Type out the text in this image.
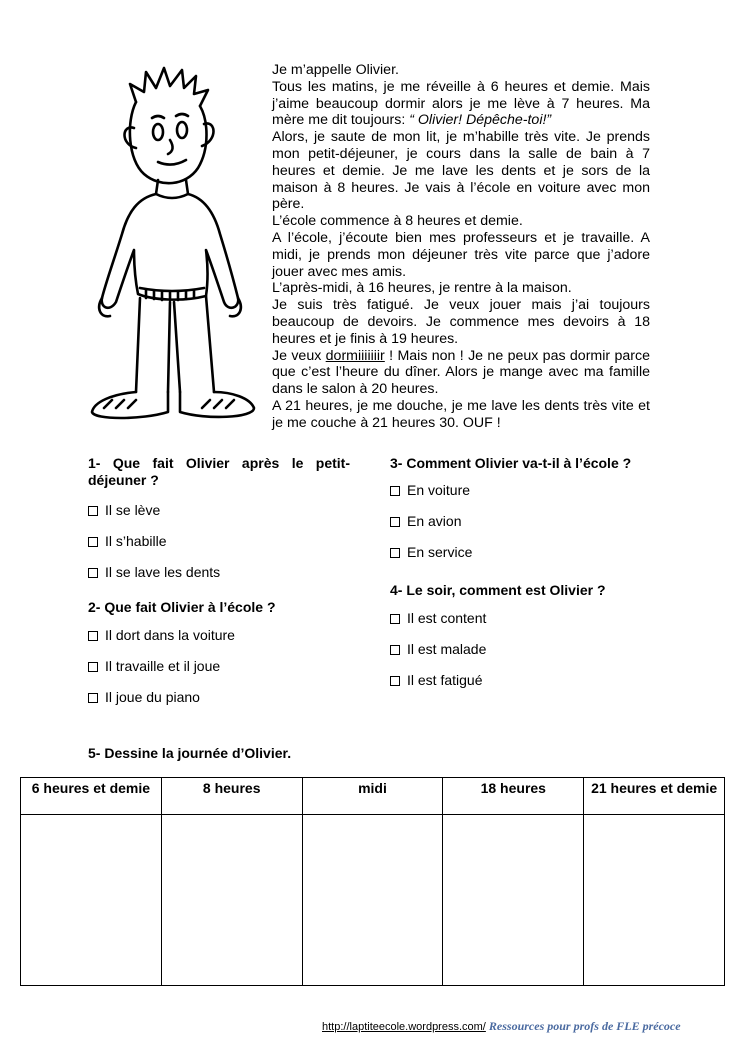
Je m’appelle Olivier.

Tous les matins, je me réveille à 6 heures et demie. Mais j’aime beaucoup dormir alors je me lève à 7 heures. Ma mère me dit toujours: “ Olivier! Dépêche-toi!”

Alors, je saute de mon lit, je m’habille très vite. Je prends mon petit-déjeuner, je cours dans la salle de bain à 7 heures et demie. Je me lave les dents et je sors de la maison à 8 heures. Je vais à l’école en voiture avec mon père.

L’école commence à 8 heures et demie.

A l’école, j’écoute bien mes professeurs et je travaille. A midi, je prends mon déjeuner très vite parce que j’adore jouer avec mes amis.

L’après-midi, à 16 heures, je rentre à la maison.

Je suis très fatigué. Je veux jouer mais j’ai toujours beaucoup de devoirs. Je commence mes devoirs à 18 heures et je finis à 19 heures.

Je veux dormiiiiiiir ! Mais non ! Je ne peux pas dormir parce que c’est l’heure du dîner. Alors je mange avec ma famille dans le salon à 20 heures.

A 21 heures, je me douche, je me lave les dents très vite et je me couche à 21 heures 30. OUF !

1- Que fait Olivier après le petit-déjeuner ?

Il se lève
Il s’habille
Il se lave les dents

2- Que fait Olivier à l’école ?

Il dort dans la voiture
Il travaille et il joue
Il joue du piano

3- Comment Olivier va-t-il à l’école ?

En voiture
En avion
En service

4- Le soir, comment est Olivier ?

Il est content
Il est malade
Il est fatigué
5- Dessine la journée d’Olivier.
6 heures et demie	8 heures	midi	18 heures	21 heures et demie

http://laptiteecole.wordpress.com/ Ressources pour profs de FLE précoce
